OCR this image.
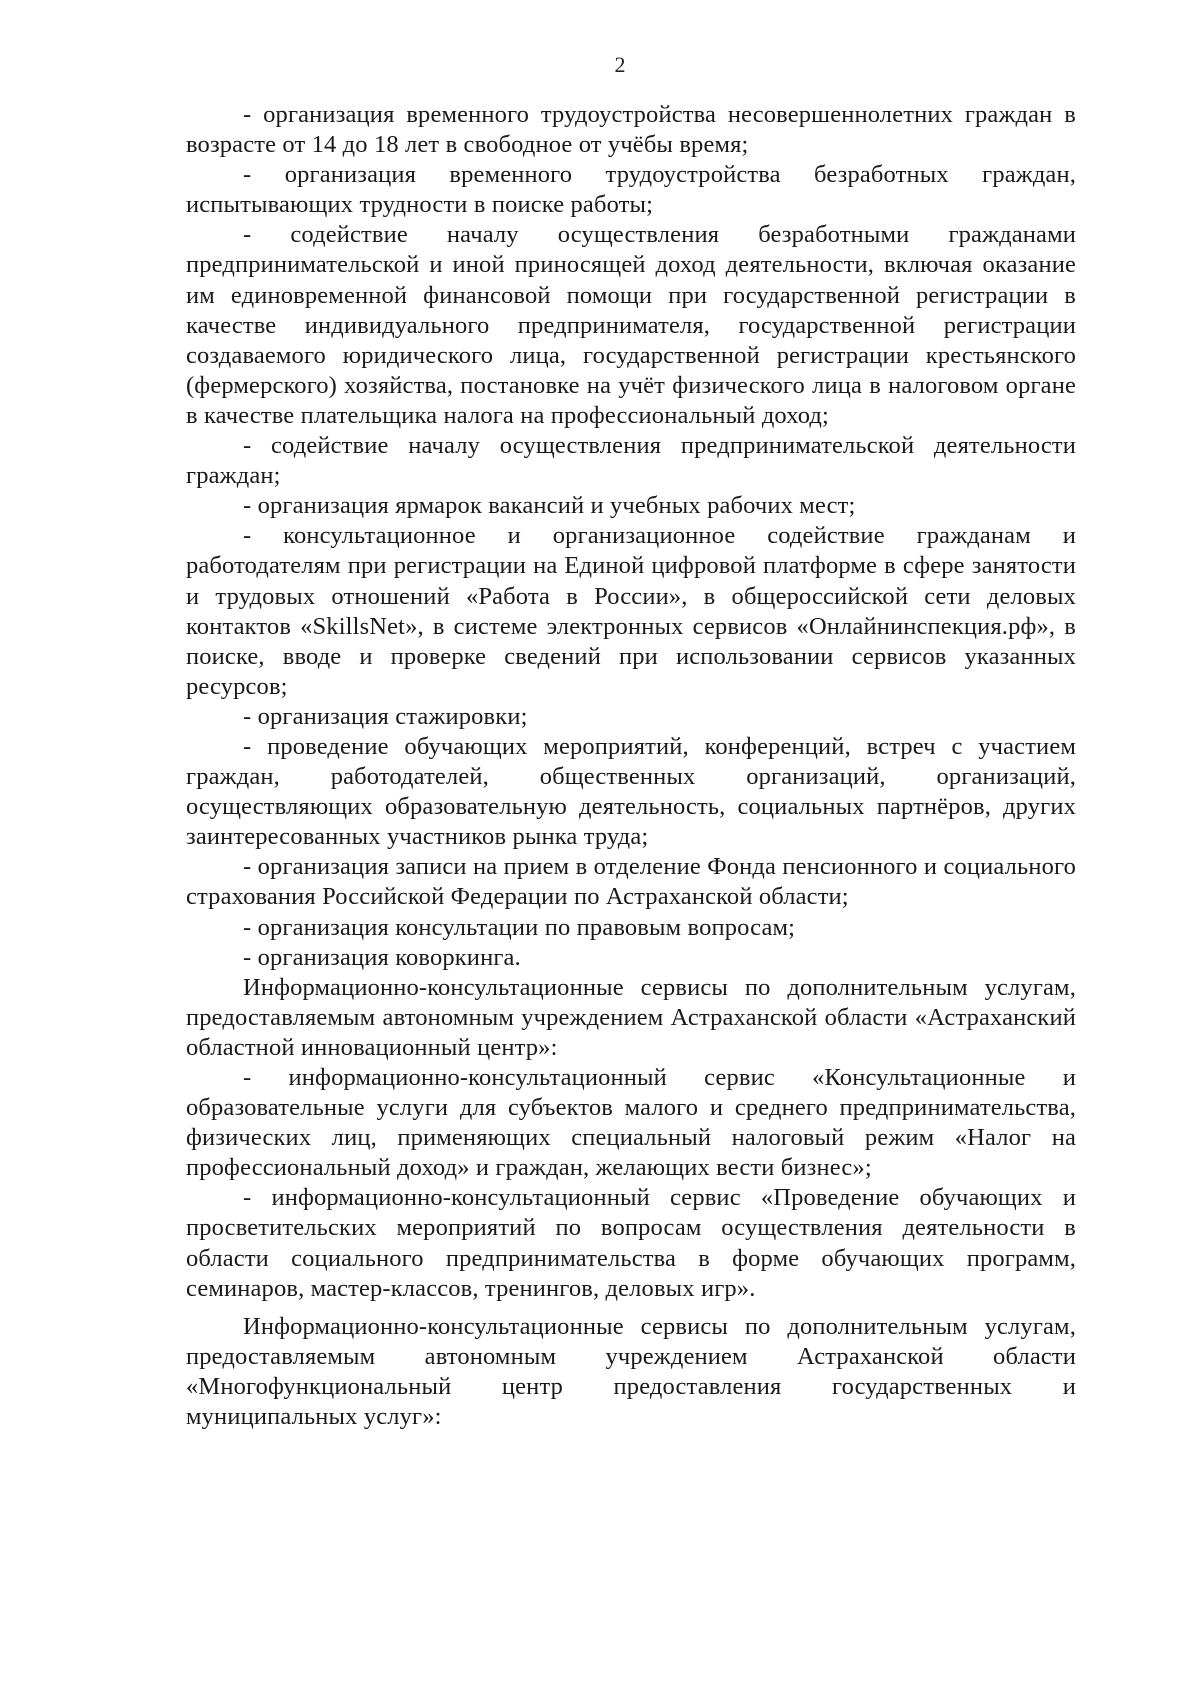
2

- организация временного трудоустройства несовершеннолетних граждан в возрасте от 14 до 18 лет в свободное от учёбы время;

- организация временного трудоустройства безработных граждан, испытывающих трудности в поиске работы;

- содействие началу осуществления безработными гражданами предпринимательской и иной приносящей доход деятельности, включая оказание им единовременной финансовой помощи при государственной регистрации в качестве индивидуального предпринимателя, государственной регистрации создаваемого юридического лица, государственной регистрации крестьянского (фермерского) хозяйства, постановке на учёт физического лица в налоговом органе в качестве плательщика налога на профессиональный доход;

- содействие началу осуществления предпринимательской деятельности граждан;

- организация ярмарок вакансий и учебных рабочих мест;

- консультационное и организационное содействие гражданам и работодателям при регистрации на Единой цифровой платформе в сфере занятости и трудовых отношений «Работа в России», в общероссийской сети деловых контактов «SkillsNet», в системе электронных сервисов «Онлайнинспекция.рф», в поиске, вводе и проверке сведений при использовании сервисов указанных ресурсов;

- организация стажировки;

- проведение обучающих мероприятий, конференций, встреч с участием граждан, работодателей, общественных организаций, организаций, осуществляющих образовательную деятельность, социальных партнёров, других заинтересованных участников рынка труда;

- организация записи на прием в отделение Фонда пенсионного и социального страхования Российской Федерации по Астраханской области;

- организация консультации по правовым вопросам;

- организация коворкинга.

Информационно-консультационные сервисы по дополнительным услугам, предоставляемым автономным учреждением Астраханской области «Астраханский областной инновационный центр»:

- информационно-консультационный сервис «Консультационные и образовательные услуги для субъектов малого и среднего предпринимательства, физических лиц, применяющих специальный налоговый режим «Налог на профессиональный доход» и граждан, желающих вести бизнес»;

- информационно-консультационный сервис «Проведение обучающих и просветительских мероприятий по вопросам осуществления деятельности в области социального предпринимательства в форме обучающих программ, семинаров, мастер-классов, тренингов, деловых игр».

Информационно-консультационные сервисы по дополнительным услугам, предоставляемым автономным учреждением Астраханской области «Многофункциональный центр предоставления государственных и муниципальных услуг»:
